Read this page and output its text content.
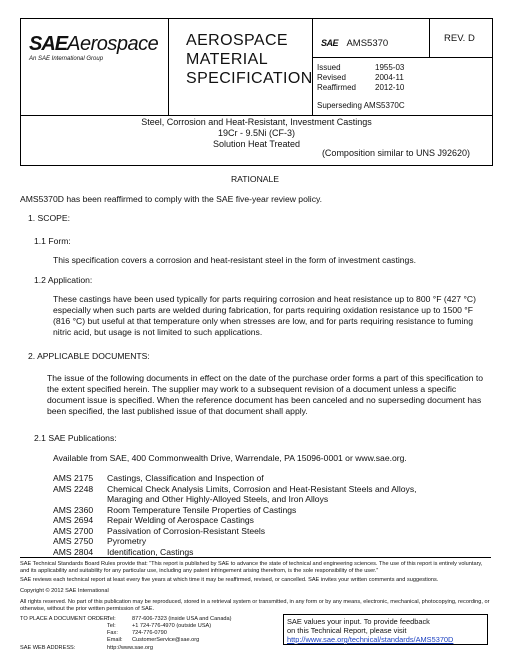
SAEAerospace
An SAE International Group
AEROSPACE
MATERIAL
SPECIFICATION
SAE AMS5370	REV. D
Issued	1955-03
Revised	2004-11
Reaffirmed	2012-10
Superseding AMS5370C
Steel, Corrosion and Heat-Resistant, Investment Castings
19Cr - 9.5Ni (CF-3)
Solution Heat Treated
(Composition similar to UNS J92620)
RATIONALE
AMS5370D has been reaffirmed to comply with the SAE five-year review policy.
1. SCOPE:
1.1 Form:
This specification covers a corrosion and heat-resistant steel in the form of investment castings.
1.2 Application:
These castings have been used typically for parts requiring corrosion and heat resistance up to 800 °F (427 °C) especially when such parts are welded during fabrication, for parts requiring oxidation resistance up to 1500 °F (816 °C) but useful at that temperature only when stresses are low, and for parts requiring resistance to fuming nitric acid, but usage is not limited to such applications.
2. APPLICABLE DOCUMENTS:
The issue of the following documents in effect on the date of the purchase order forms a part of this specification to the extent specified herein. The supplier may work to a subsequent revision of a document unless a specific document issue is specified. When the reference document has been canceled and no superseding document has been specified, the last published issue of that document shall apply.
2.1 SAE Publications:
Available from SAE, 400 Commonwealth Drive, Warrendale, PA 15096-0001 or www.sae.org.
AMS 2175	Castings, Classification and Inspection of
AMS 2248	Chemical Check Analysis Limits, Corrosion and Heat-Resistant Steels and Alloys, Maraging and Other Highly-Alloyed Steels, and Iron Alloys
AMS 2360	Room Temperature Tensile Properties of Castings
AMS 2694	Repair Welding of Aerospace Castings
AMS 2700	Passivation of Corrosion-Resistant Steels
AMS 2750	Pyrometry
AMS 2804	Identification, Castings
SAE Technical Standards Board Rules provide that: “This report is published by SAE to advance the state of technical and engineering sciences. The use of this report is entirely voluntary, and its applicability and suitability for any particular use, including any patent infringement arising therefrom, is the sole responsibility of the user.”
SAE reviews each technical report at least every five years at which time it may be reaffirmed, revised, or cancelled. SAE invites your written comments and suggestions.
Copyright © 2012 SAE International
All rights reserved. No part of this publication may be reproduced, stored in a retrieval system or transmitted, in any form or by any means, electronic, mechanical, photocopying, recording, or otherwise, without the prior written permission of SAE.
TO PLACE A DOCUMENT ORDER:
Tel:	877-606-7323 (inside USA and Canada)
Tel:	+1 724-776-4970 (outside USA)
Fax:	724-776-0790
Email:	CustomerService@sae.org
SAE WEB ADDRESS:	http://www.sae.org
SAE values your input. To provide feedback
on this Technical Report, please visit
http://www.sae.org/technical/standards/AMS5370D
